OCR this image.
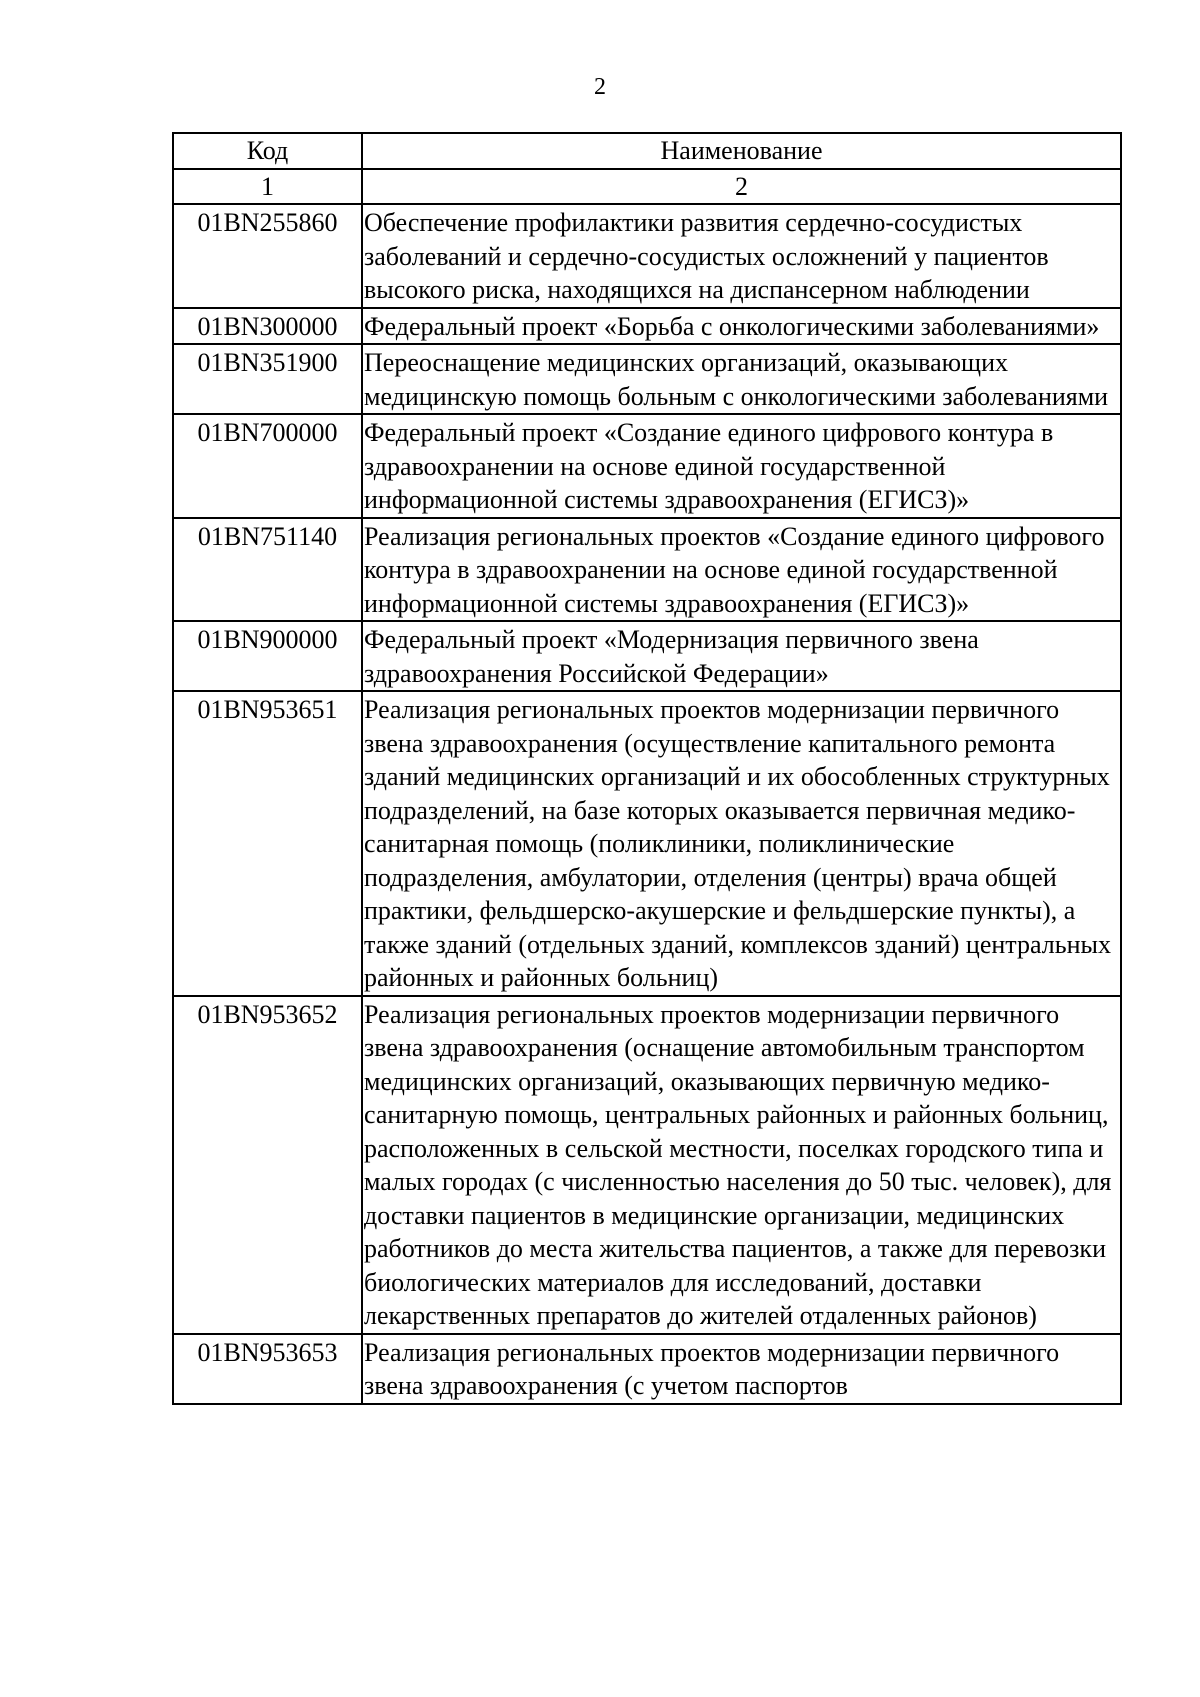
2
Код	Наименование
1	2
01BN255860	Обеспечение профилактики развития сердечно-сосудистых заболеваний и сердечно-сосудистых осложнений у пациентов высокого риска, находящихся на диспансерном наблюдении
01BN300000	Федеральный проект «Борьба с онкологическими заболеваниями»
01BN351900	Переоснащение медицинских организаций, оказывающих медицинскую помощь больным с онкологическими заболеваниями
01BN700000	Федеральный проект «Создание единого цифрового контура в здравоохранении на основе единой государственной информационной системы здравоохранения (ЕГИСЗ)»
01BN751140	Реализация региональных проектов «Создание единого цифрового контура в здравоохранении на основе единой государственной информационной системы здравоохранения (ЕГИСЗ)»
01BN900000	Федеральный проект «Модернизация первичного звена здравоохранения Российской Федерации»
01BN953651	Реализация региональных проектов модернизации первичного звена здравоохранения (осуществление капитального ремонта зданий медицинских организаций и их обособленных структурных подразделений, на базе которых оказывается первичная медико-санитарная помощь (поликлиники, поликлинические подразделения, амбулатории, отделения (центры) врача общей практики, фельдшерско-акушерские и фельдшерские пункты), а также зданий (отдельных зданий, комплексов зданий) центральных районных и районных больниц)
01BN953652	Реализация региональных проектов модернизации первичного звена здравоохранения (оснащение автомобильным транспортом медицинских организаций, оказывающих первичную медико-санитарную помощь, центральных районных и районных больниц, расположенных в сельской местности, поселках городского типа и малых городах (с численностью населения до 50 тыс. человек), для доставки пациентов в медицинские организации, медицинских работников до места жительства пациентов, а также для перевозки биологических материалов для исследований, доставки лекарственных препаратов до жителей отдаленных районов)
01BN953653	Реализация региональных проектов модернизации первичного звена здравоохранения (с учетом паспортов
